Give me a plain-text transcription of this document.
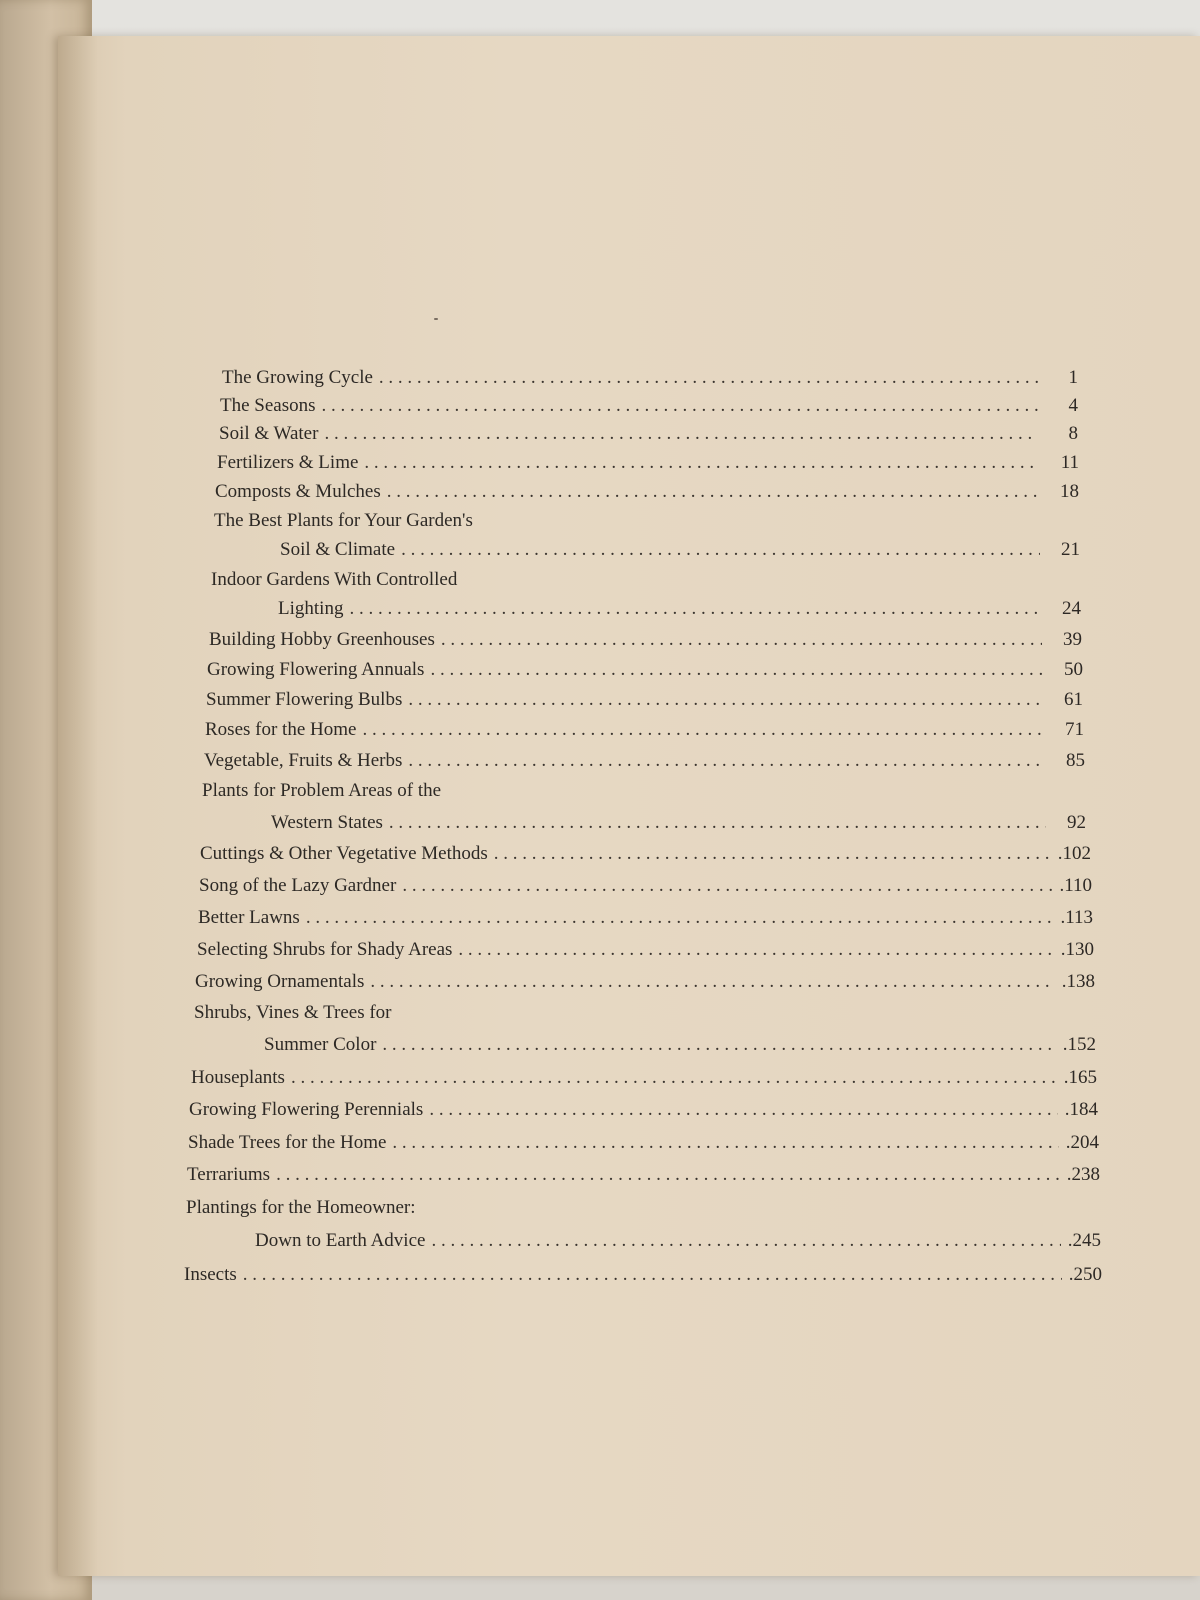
The Growing Cycle . . .	1
The Seasons . . .	4
Soil & Water . . .	8
Fertilizers & Lime . . .	11
Composts & Mulches . . .	18
The Best Plants for Your Garden's
Soil & Climate . . .	21
Indoor Gardens With Controlled
Lighting . . .	24
Building Hobby Greenhouses . . .	39
Growing Flowering Annuals . . .	50
Summer Flowering Bulbs . . .	61
Roses for the Home . . .	71
Vegetable, Fruits & Herbs . . .	85
Plants for Problem Areas of the
Western States . . .	92
Cuttings & Other Vegetative Methods . . .	.102
Song of the Lazy Gardner . . .	.110
Better Lawns . . .	.113
Selecting Shrubs for Shady Areas . . .	.130
Growing Ornamentals . . .	.138
Shrubs, Vines & Trees for
Summer Color . . .	.152
Houseplants . . .	.165
Growing Flowering Perennials . . .	.184
Shade Trees for the Home . . .	.204
Terrariums . . .	.238
Plantings for the Homeowner:
Down to Earth Advice . . .	.245
Insects . . .	.250
